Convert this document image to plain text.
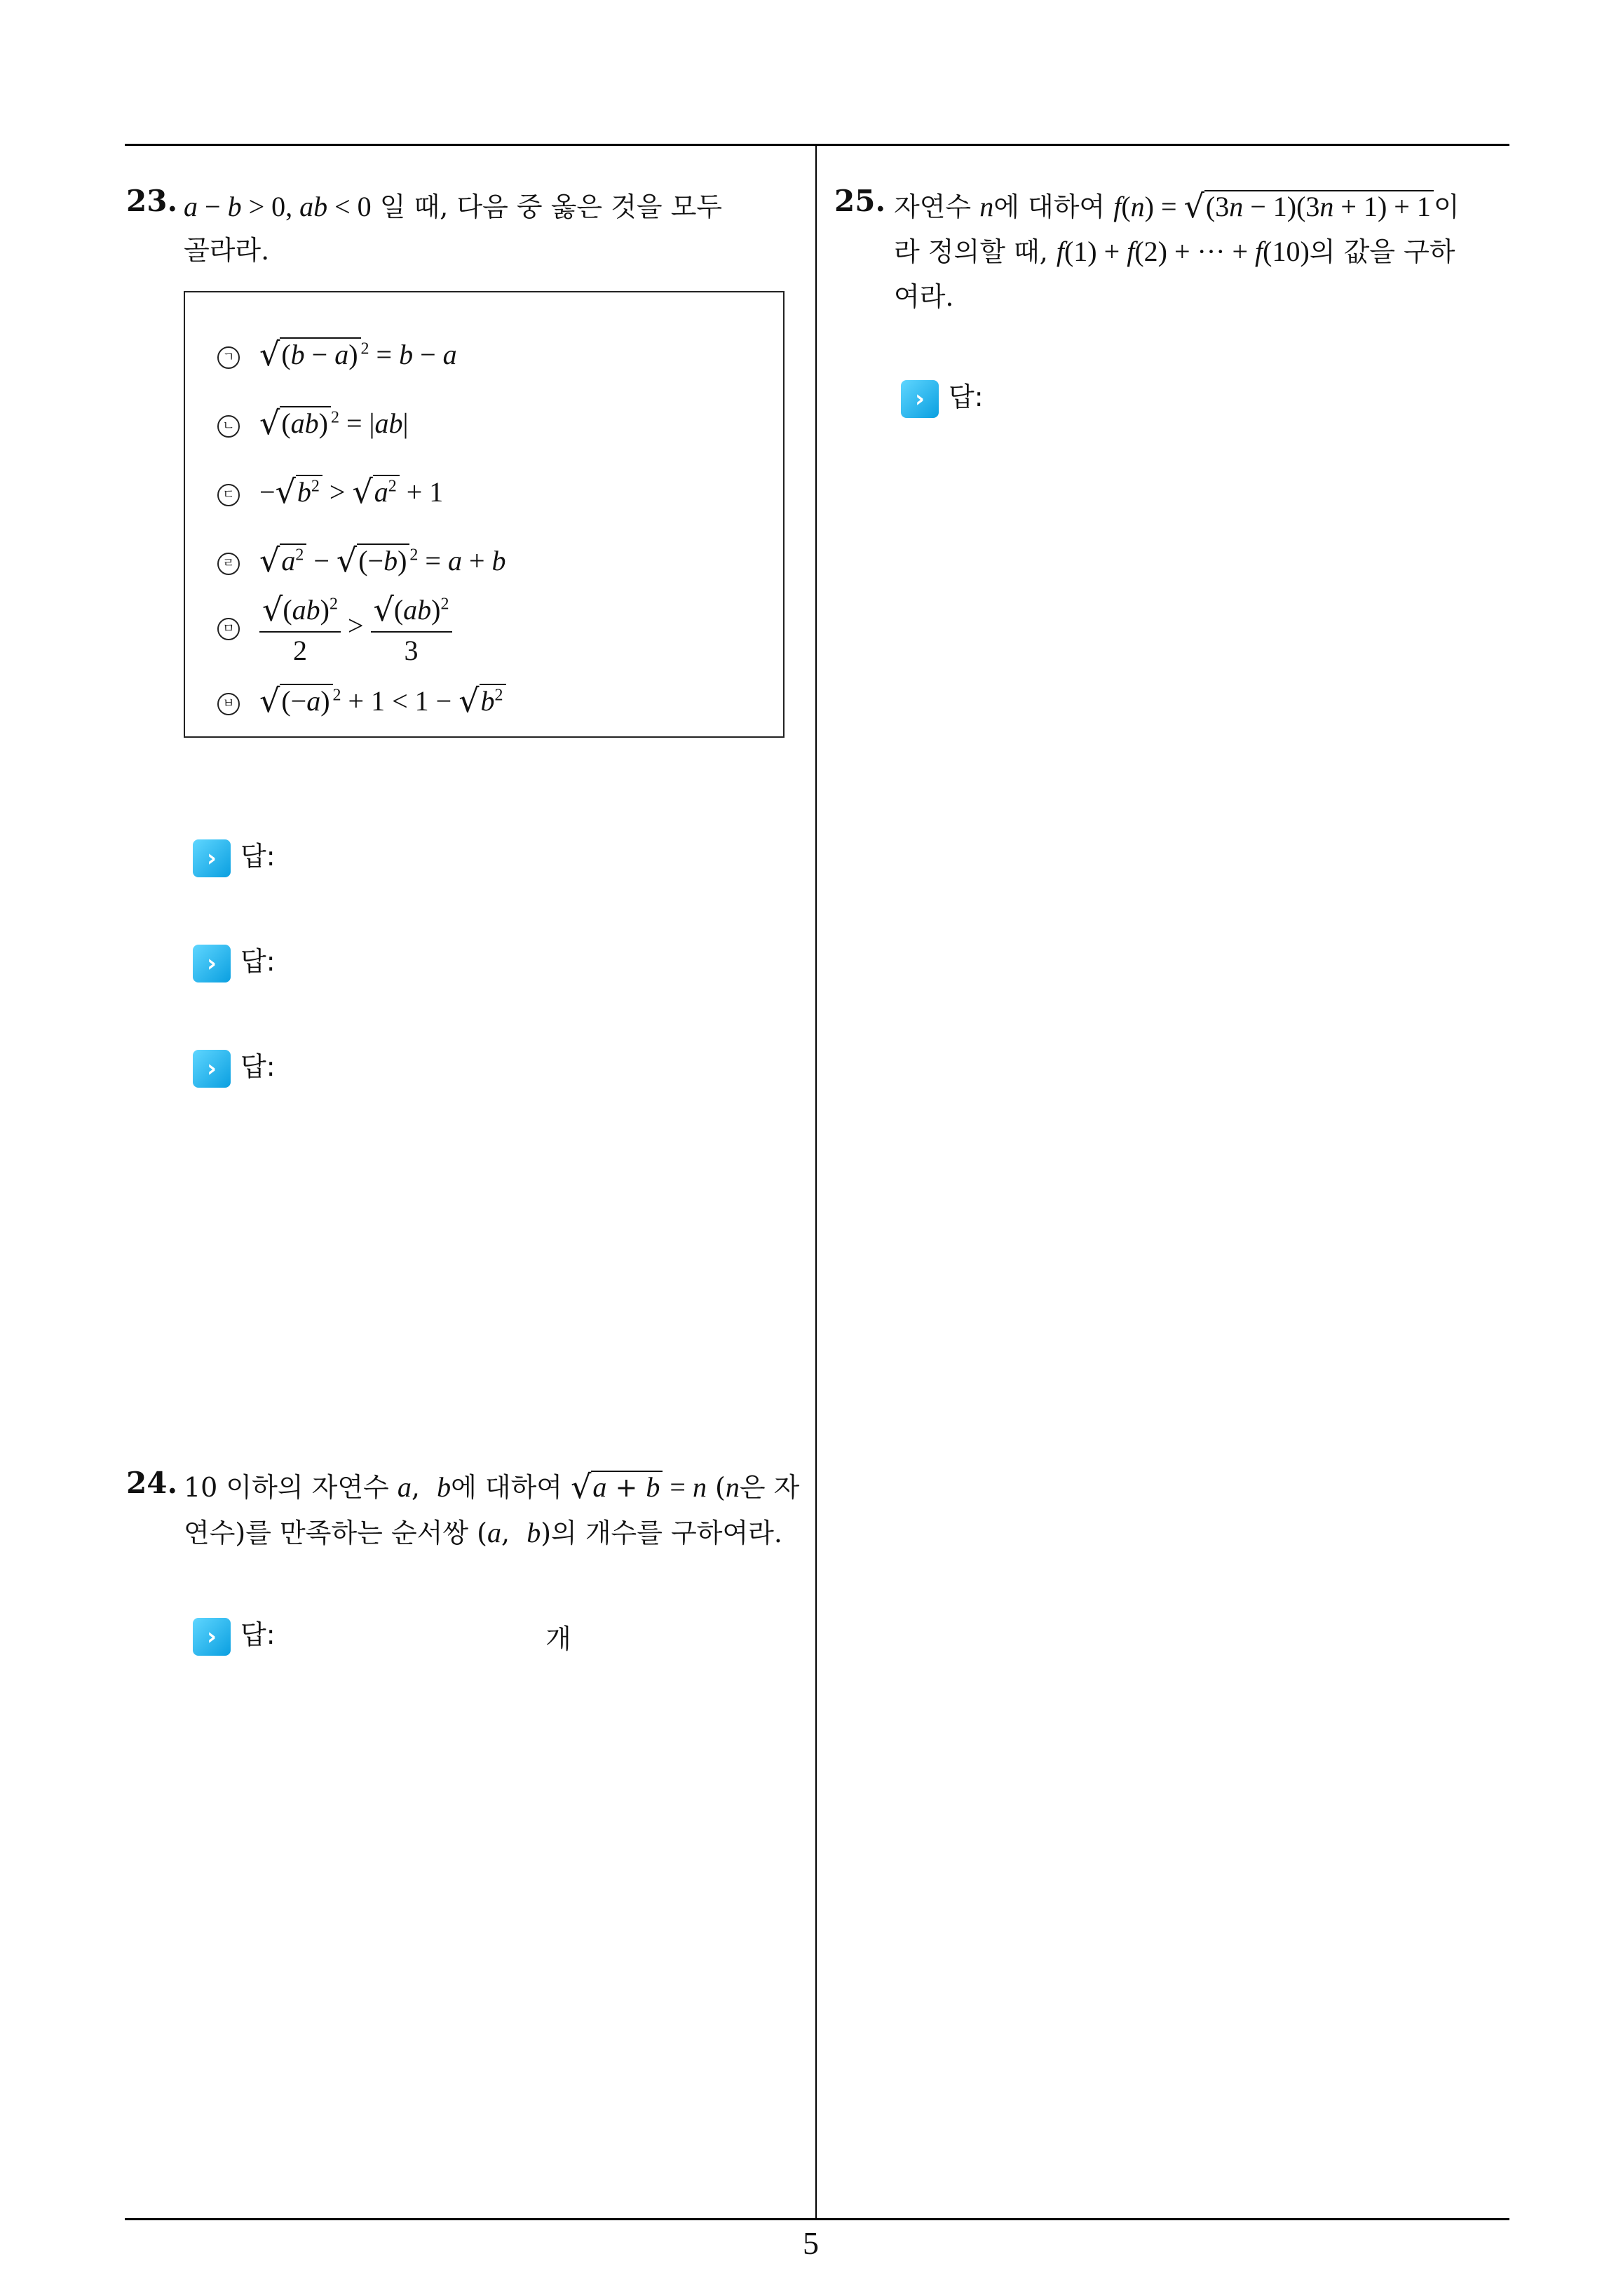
23. a − b > 0, ab < 0 일 때, 다음 중 옳은 것을 모두
골라라.
ㄱ √(b − a) $^2$ = b − a
ㄴ √(ab) $^2$ = |ab|
ㄷ $-√b^2 > √a^2 + 1$
ㄹ $√a^2 - √(-b) ^2 = a + b$
ㅁ $\frac{√(ab)^2}{2} > \frac{√(ab)^2}{3}$
ㅂ √(−a) $^2 + 1 < 1 - √b^2$
› 답:
› 답:
› 답:
24. 10 이하의 자연수 a,  b에 대하여 √a + b = n (n은 자
연수)를 만족하는 순서쌍 (a,  b)의 개수를 구하여라.
› 답:	개
25. 자연수 n에 대하여 f(n) = √(3n − 1)(3n + 1) + 1 이
라 정의할 때, f(1) + f(2) + ··· + f(10)의 값을 구하
여라.
› 답:
5
